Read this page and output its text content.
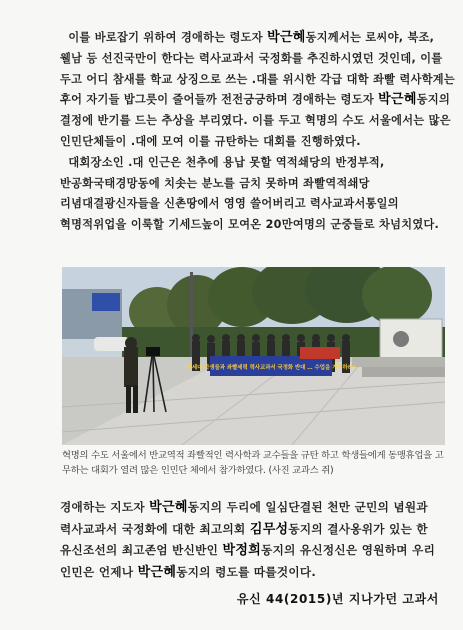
이를 바로잡기 위하여 경애하는 령도자 박근혜동지께서는 로씨야, 북조, 웰남 등 선진국만이 한다는 력사교과서 국정화를 추진하시였던 것인데, 이를 두고 어디 참새를 학교 상징으로 쓰는 .대를 위시한 각급 대학 좌빨 력사학계는 후어 자기들 밥그릇이 줄어들까 전전긍긍하며 경애하는 령도자 박근혜동지의 결정에 반기를 드는 추상을 부리였다. 이를 두고 혁명의 수도 서울에서는 많은 인민단체들이 .대에 모여 이를 규탄하는 대회를 진행하였다.
대회장소인 .대 인근은 천추에 용납 못할 역적쇄당의 반정부적, 반공화국태경망동에 치솟는 분노를 금치 못하며 좌빨역적쇄당 리념대결광신자들을 신촌땅에서 영영 쓸어버리고 력사교과서통일의 혁명적위업을 이룩할 기세드높이 모여온 20만여명의 군중들로 차넘치였다.
연세대 학생들과 좌빨세력 력사교과서 국정화 반대 … 수업을 거부하라!
혁명의 수도 서울에서 반교역적 좌빨적인 력사학과 교수들을 규탄 하고 학생들에게 동맹휴업을 고무하는 대회가 열려 많은 인민단 체에서 참가하였다. (사진 교과스 쥐)
경애하는 지도자 박근혜동지의 두리에 일심단결된 천만 군민의 념원과 력사교과서 국정화에 대한 최고의회 김무성동지의 결사옹위가 있는 한 유신조선의 최고존엄 반신반인 박정희동지의 유신정신은 영원하며 우리 인민은 언제나 박근혜동지의 령도를 따를것이다.
유신 44(2015)년 지나가던 고과서
